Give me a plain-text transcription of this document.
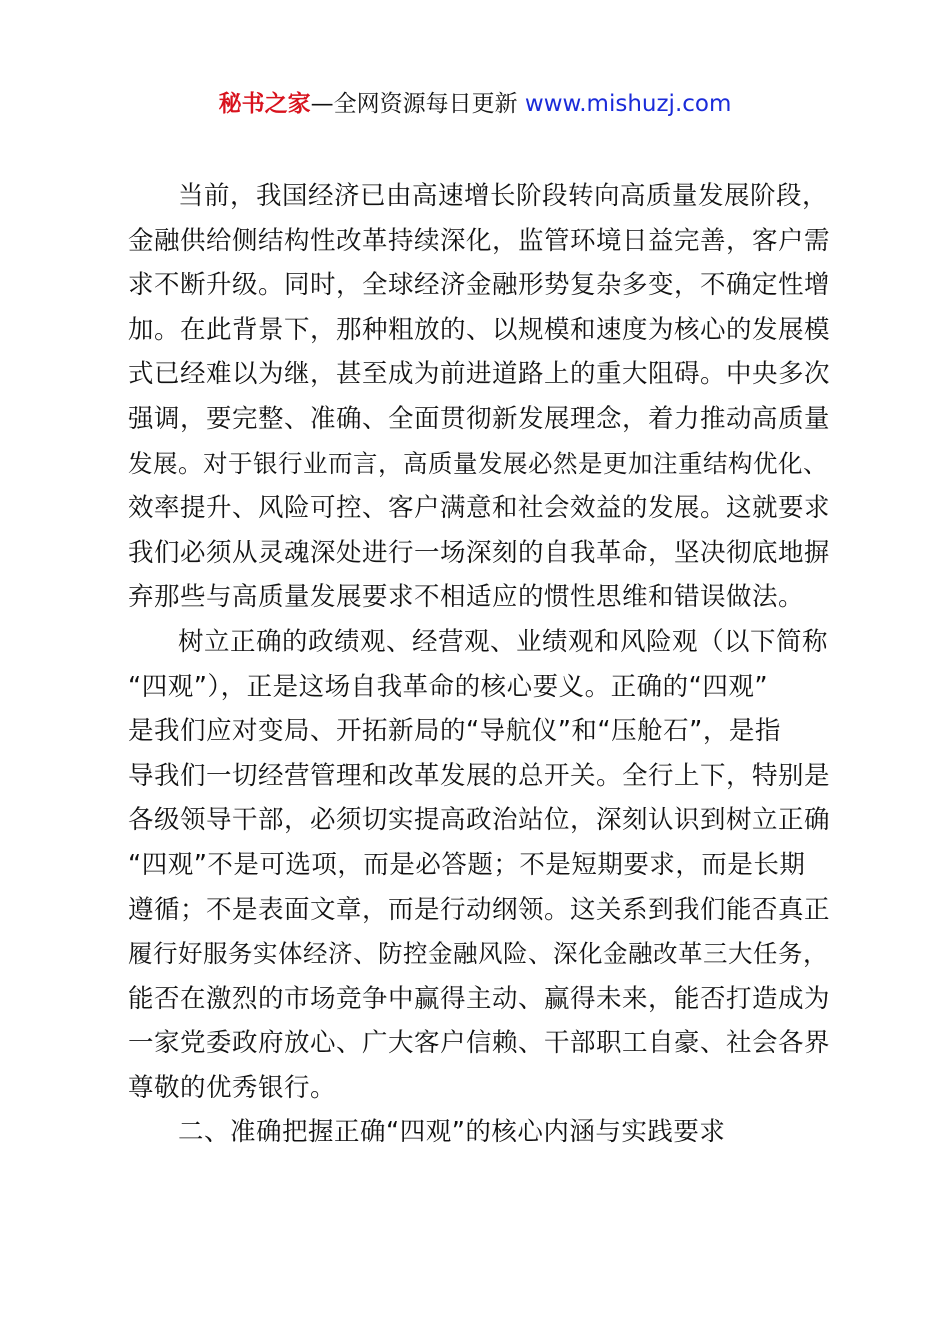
秘书之家—全网资源每日更新 www.mishuzj.com
当前，我国经济已由高速增长阶段转向高质量发展阶段，
金融供给侧结构性改革持续深化，监管环境日益完善，客户需
求不断升级。同时，全球经济金融形势复杂多变，不确定性增
加。在此背景下，那种粗放的、以规模和速度为核心的发展模
式已经难以为继，甚至成为前进道路上的重大阻碍。中央多次
强调，要完整、准确、全面贯彻新发展理念，着力推动高质量
发展。对于银行业而言，高质量发展必然是更加注重结构优化、
效率提升、风险可控、客户满意和社会效益的发展。这就要求
我们必须从灵魂深处进行一场深刻的自我革命，坚决彻底地摒
弃那些与高质量发展要求不相适应的惯性思维和错误做法。
树立正确的政绩观、经营观、业绩观和风险观（以下简称
“四观”），正是这场自我革命的核心要义。正确的“四观”
是我们应对变局、开拓新局的“导航仪”和“压舱石”，是指
导我们一切经营管理和改革发展的总开关。全行上下，特别是
各级领导干部，必须切实提高政治站位，深刻认识到树立正确
“四观”不是可选项，而是必答题；不是短期要求，而是长期
遵循；不是表面文章，而是行动纲领。这关系到我们能否真正
履行好服务实体经济、防控金融风险、深化金融改革三大任务，
能否在激烈的市场竞争中赢得主动、赢得未来，能否打造成为
一家党委政府放心、广大客户信赖、干部职工自豪、社会各界
尊敬的优秀银行。
二、准确把握正确“四观”的核心内涵与实践要求
